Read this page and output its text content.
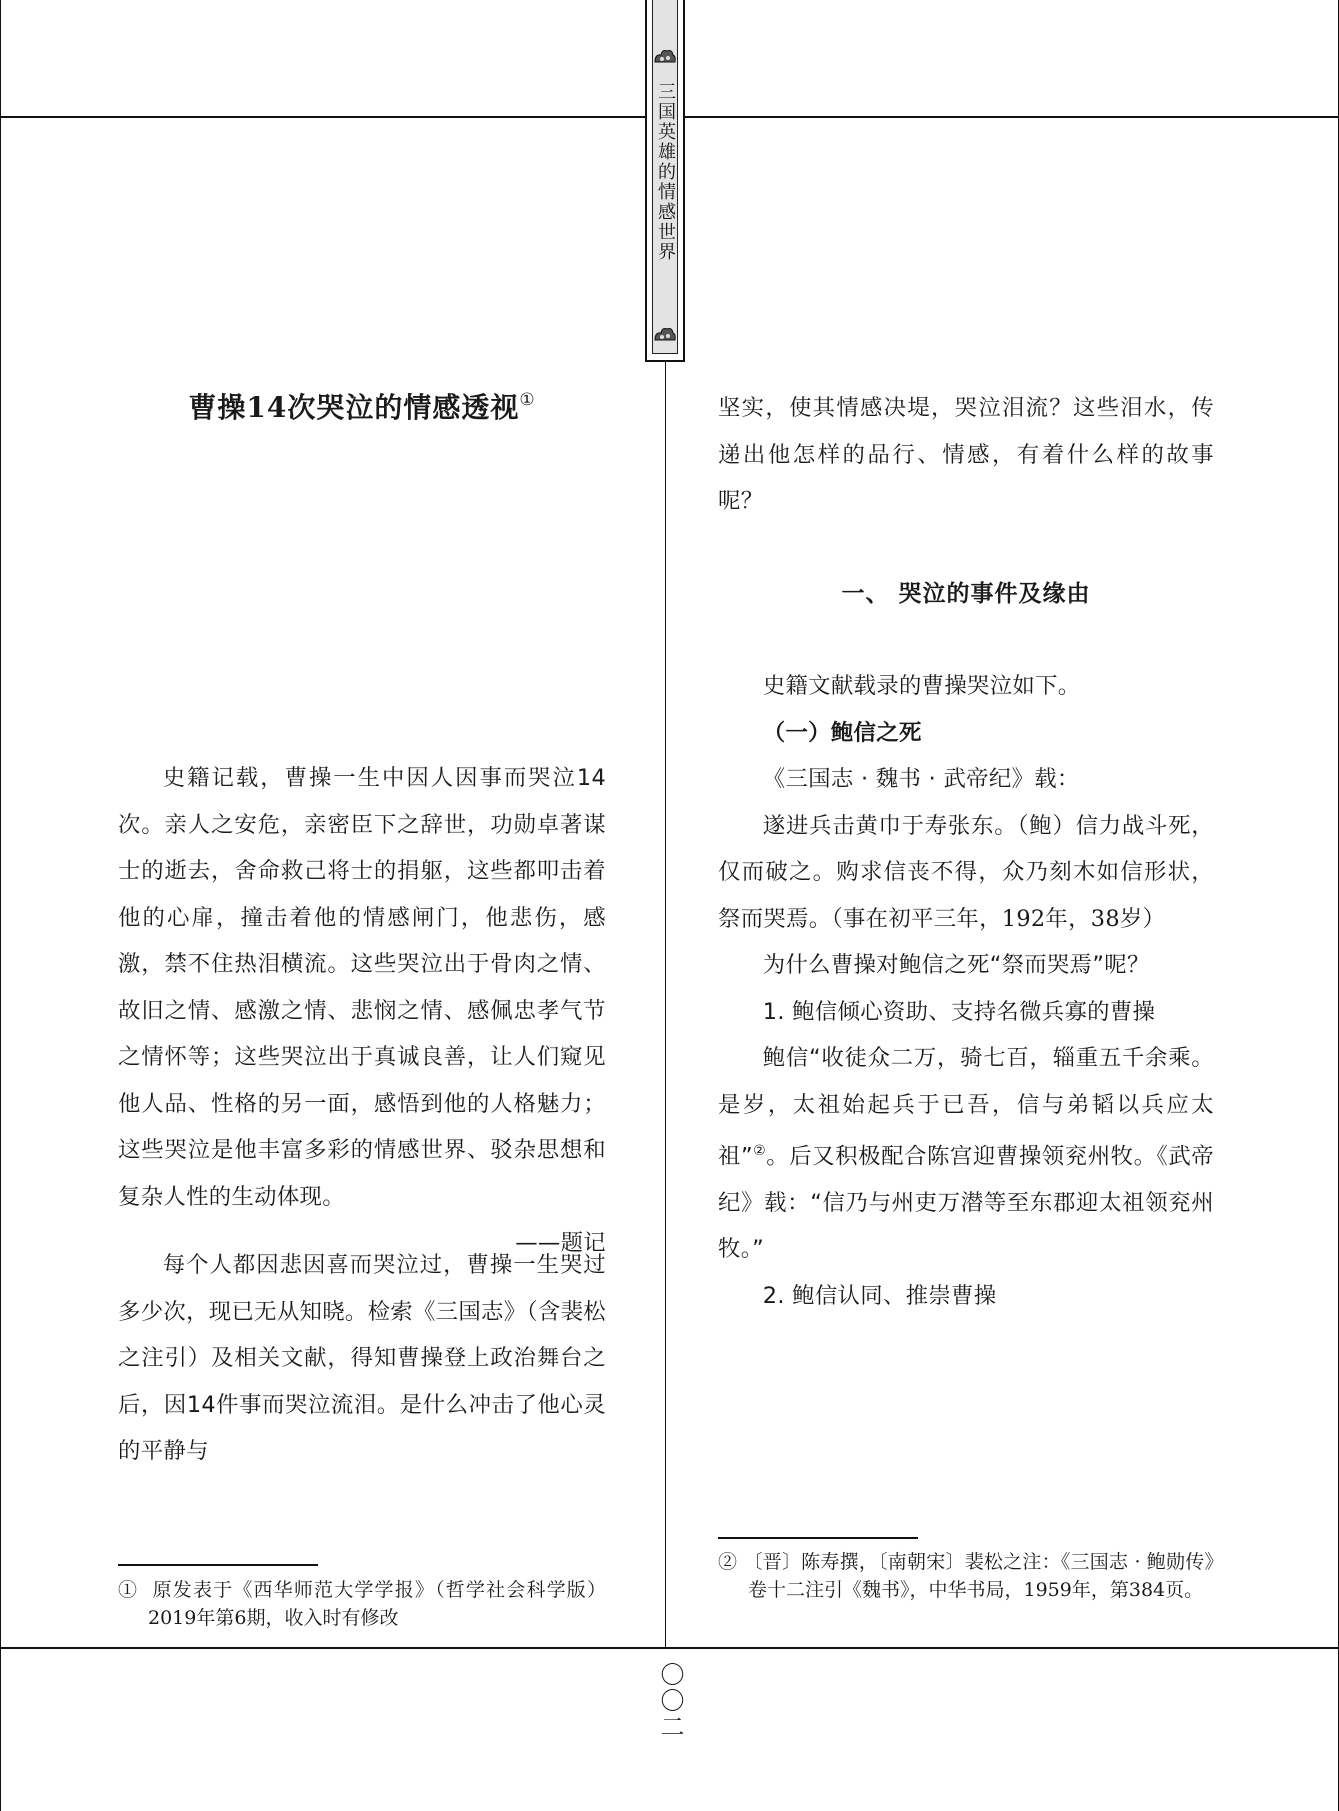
三国英雄的情感世界
曹操14次哭泣的情感透视①

史籍记载，曹操一生中因人因事而哭泣14次。亲人之安危，亲密臣下之辞世，功勋卓著谋士的逝去，舍命救己将士的捐躯，这些都叩击着他的心扉，撞击着他的情感闸门，他悲伤，感激，禁不住热泪横流。这些哭泣出于骨肉之情、故旧之情、感激之情、悲悯之情、感佩忠孝气节之情怀等；这些哭泣出于真诚良善，让人们窥见他人品、性格的另一面，感悟到他的人格魅力；这些哭泣是他丰富多彩的情感世界、驳杂思想和复杂人性的生动体现。

——题记

每个人都因悲因喜而哭泣过，曹操一生哭过多少次，现已无从知晓。检索《三国志》（含裴松之注引）及相关文献，得知曹操登上政治舞台之后，因14件事而哭泣流泪。是什么冲击了他心灵的平静与

① 原发表于《西华师范大学学报》（哲学社会科学版）2019年第6期，收入时有修改

坚实，使其情感决堤，哭泣泪流？这些泪水，传递出他怎样的品行、情感，有着什么样的故事呢？

一、 哭泣的事件及缘由

史籍文献载录的曹操哭泣如下。

（一）鲍信之死

《三国志 · 魏书 · 武帝纪》载：

遂进兵击黄巾于寿张东。（鲍）信力战斗死，仅而破之。购求信丧不得，众乃刻木如信形状，祭而哭焉。（事在初平三年，192年，38岁）

为什么曹操对鲍信之死“祭而哭焉”呢？

1. 鲍信倾心资助、支持名微兵寡的曹操

鲍信“收徒众二万，骑七百，辎重五千余乘。是岁，太祖始起兵于已吾，信与弟韬以兵应太祖”②。后又积极配合陈宫迎曹操领兖州牧。《武帝纪》载：“信乃与州吏万潜等至东郡迎太祖领兖州牧。”

2. 鲍信认同、推崇曹操

② 〔晋〕陈寿撰，〔南朝宋〕裴松之注：《三国志 · 鲍勋传》卷十二注引《魏书》，中华书局，1959年，第384页。
〇〇二
